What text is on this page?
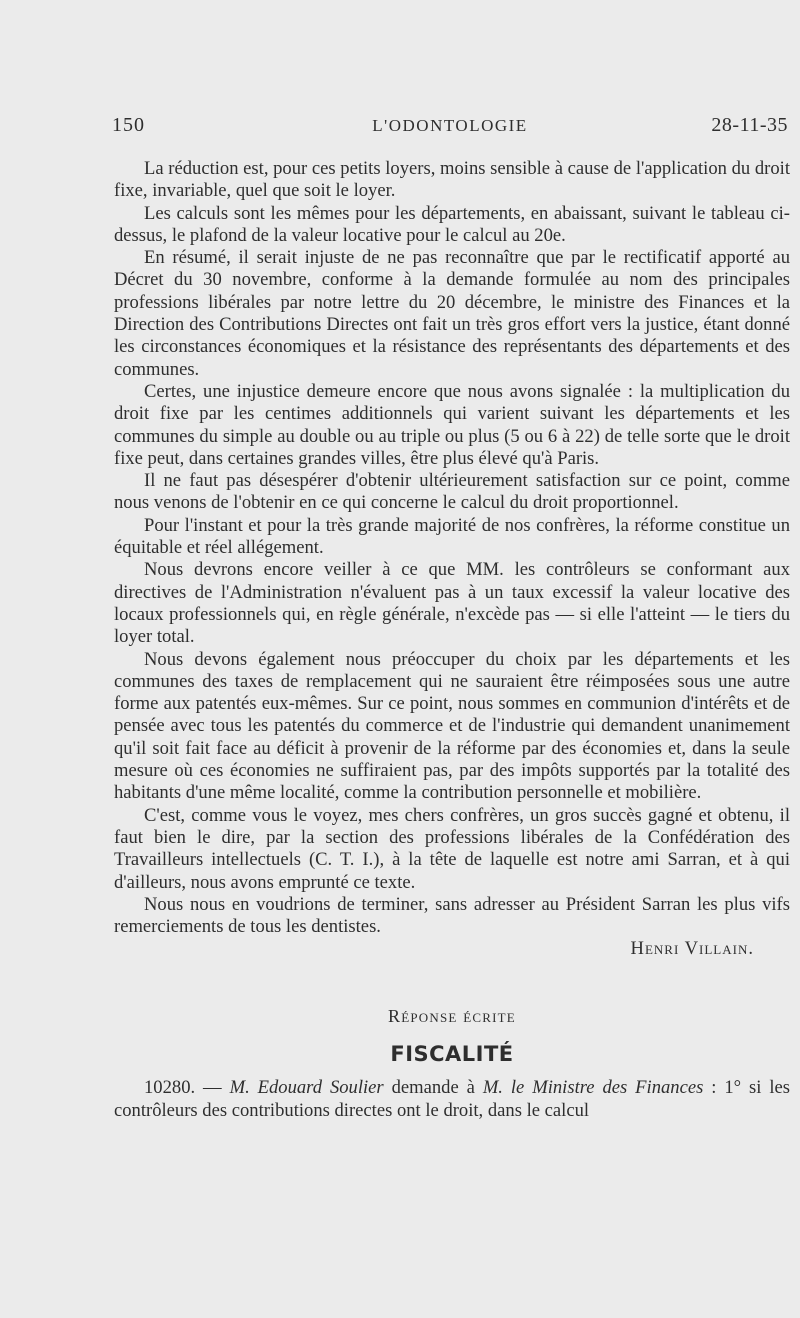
150	L'ODONTOLOGIE	28-11-35

La réduction est, pour ces petits loyers, moins sensible à cause de l'application du droit fixe, invariable, quel que soit le loyer.

Les calculs sont les mêmes pour les départements, en abaissant, suivant le tableau ci-dessus, le plafond de la valeur locative pour le calcul au 20e.

En résumé, il serait injuste de ne pas reconnaître que par le rectificatif apporté au Décret du 30 novembre, conforme à la demande formulée au nom des principales professions libérales par notre lettre du 20 décembre, le ministre des Finances et la Direction des Contributions Directes ont fait un très gros effort vers la justice, étant donné les circonstances économiques et la résistance des représentants des départements et des communes.

Certes, une injustice demeure encore que nous avons signalée : la multiplication du droit fixe par les centimes additionnels qui varient suivant les départements et les communes du simple au double ou au triple ou plus (5 ou 6 à 22) de telle sorte que le droit fixe peut, dans certaines grandes villes, être plus élevé qu'à Paris.

Il ne faut pas désespérer d'obtenir ultérieurement satisfaction sur ce point, comme nous venons de l'obtenir en ce qui concerne le calcul du droit proportionnel.

Pour l'instant et pour la très grande majorité de nos confrères, la réforme constitue un équitable et réel allégement.

Nous devrons encore veiller à ce que MM. les contrôleurs se conformant aux directives de l'Administration n'évaluent pas à un taux excessif la valeur locative des locaux professionnels qui, en règle générale, n'excède pas — si elle l'atteint — le tiers du loyer total.

Nous devons également nous préoccuper du choix par les départements et les communes des taxes de remplacement qui ne sauraient être réimposées sous une autre forme aux patentés eux-mêmes. Sur ce point, nous sommes en communion d'intérêts et de pensée avec tous les patentés du commerce et de l'industrie qui demandent unanimement qu'il soit fait face au déficit à provenir de la réforme par des économies et, dans la seule mesure où ces économies ne suffiraient pas, par des impôts supportés par la totalité des habitants d'une même localité, comme la contribution personnelle et mobilière.

C'est, comme vous le voyez, mes chers confrères, un gros succès gagné et obtenu, il faut bien le dire, par la section des professions libérales de la Confédération des Travailleurs intellectuels (C. T. I.), à la tête de laquelle est notre ami Sarran, et à qui d'ailleurs, nous avons emprunté ce texte.

Nous nous en voudrions de terminer, sans adresser au Président Sarran les plus vifs remerciements de tous les dentistes.

Henri Villain.

Réponse écrite
FISCALITÉ

10280. — M. Edouard Soulier demande à M. le Ministre des Finances : 1° si les contrôleurs des contributions directes ont le droit, dans le calcul
